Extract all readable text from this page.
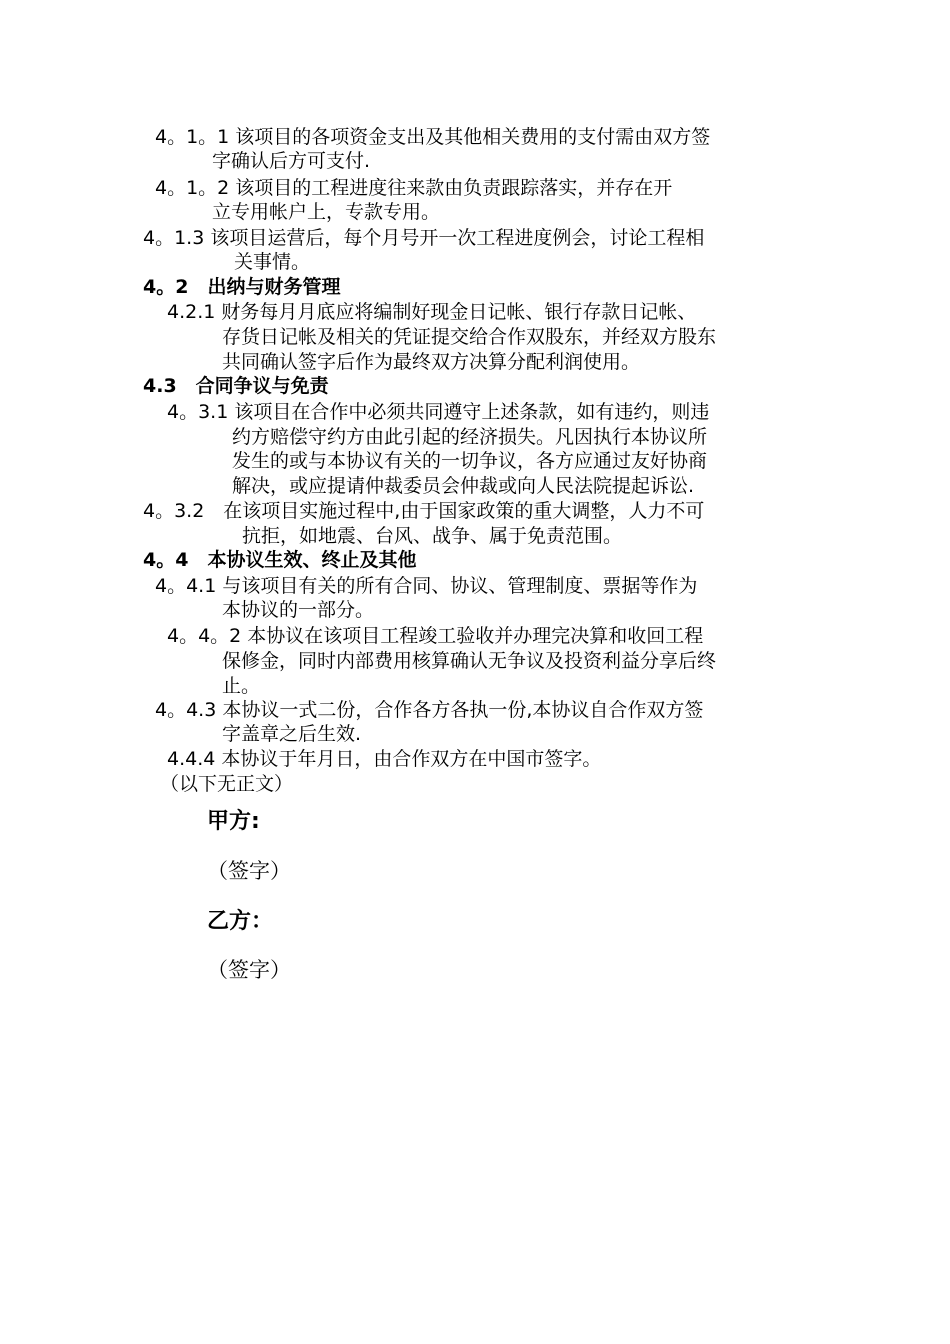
4。1。1 该项目的各项资金支出及其他相关费用的支付需由双方签
字确认后方可支付.
4。1。2 该项目的工程进度往来款由负责跟踪落实，并存在开
立专用帐户上，专款专用。
4。1.3 该项目运营后，每个月号开一次工程进度例会，讨论工程相
关事情。
4。2　出纳与财务管理
4.2.1 财务每月月底应将编制好现金日记帐、银行存款日记帐、
存货日记帐及相关的凭证提交给合作双股东，并经双方股东
共同确认签字后作为最终双方决算分配利润使用。
4.3　合同争议与免责
4。3.1 该项目在合作中必须共同遵守上述条款，如有违约，则违
约方赔偿守约方由此引起的经济损失。凡因执行本协议所
发生的或与本协议有关的一切争议，各方应通过友好协商
解决，或应提请仲裁委员会仲裁或向人民法院提起诉讼.
4。3.2　在该项目实施过程中,由于国家政策的重大调整，人力不可
抗拒，如地震、台风、战争、属于免责范围。
4。4　本协议生效、终止及其他
4。4.1 与该项目有关的所有合同、协议、管理制度、票据等作为
本协议的一部分。
4。4。2 本协议在该项目工程竣工验收并办理完决算和收回工程
保修金，同时内部费用核算确认无争议及投资利益分享后终
止。
4。4.3 本协议一式二份，合作各方各执一份,本协议自合作双方签
字盖章之后生效.
4.4.4 本协议于年月日，由合作双方在中国市签字。
（以下无正文）
甲方:
（签字）
乙方：
（签字）
